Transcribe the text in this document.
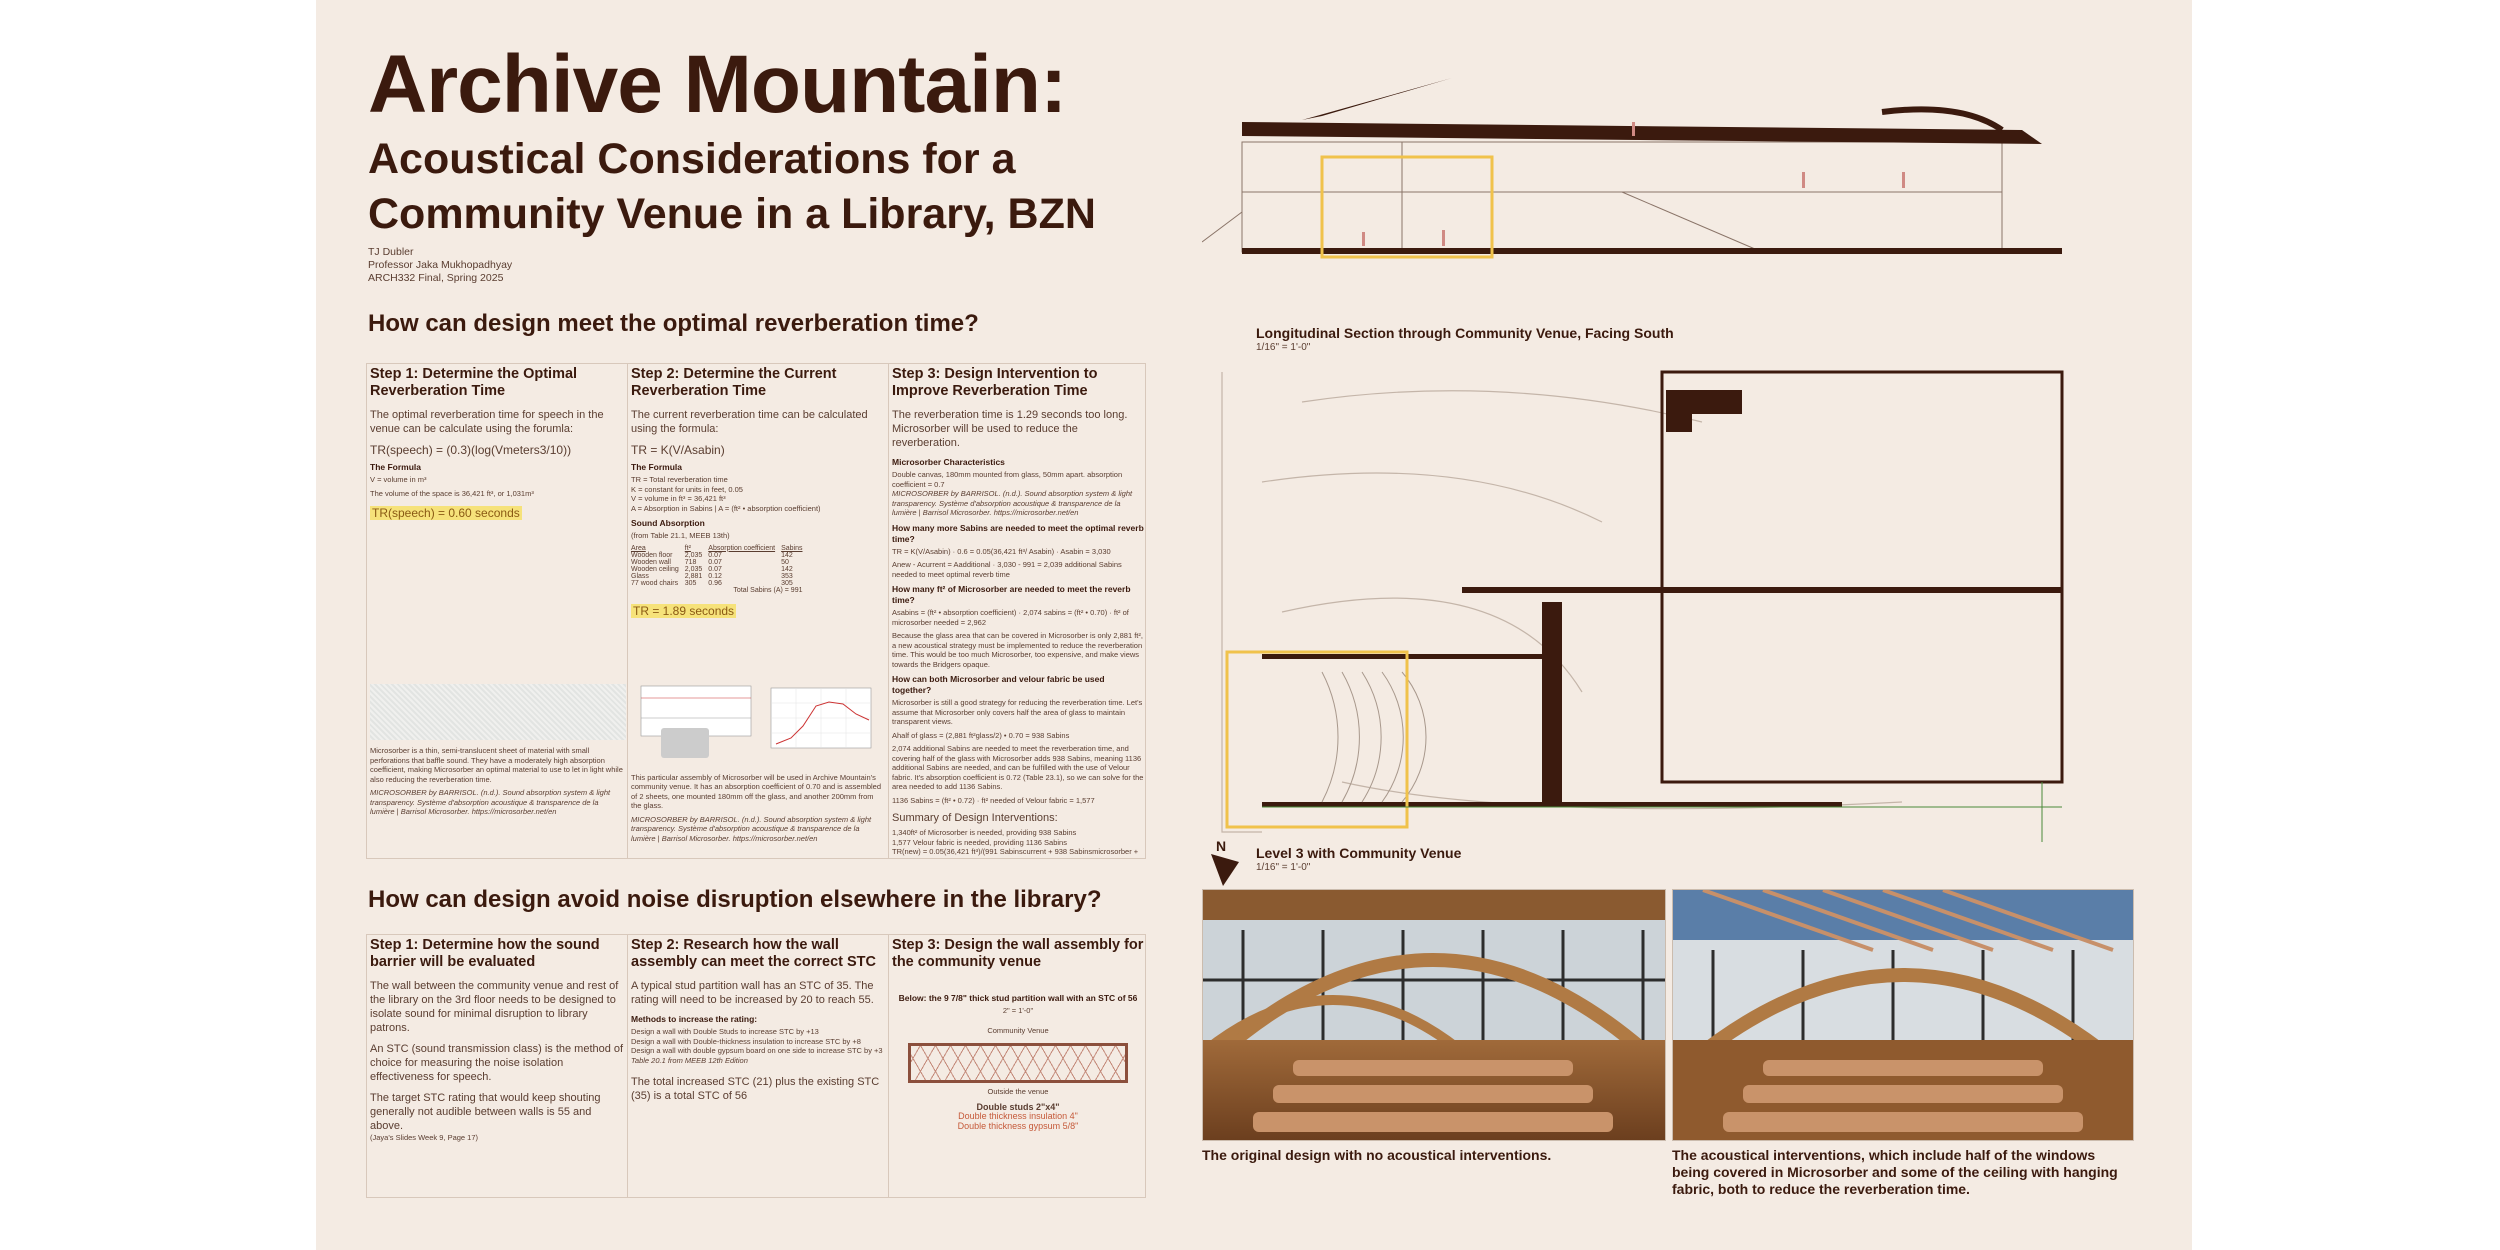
Archive Mountain:
Acoustical Considerations for a Community Venue in a Library, BZN
TJ Dubler
Professor Jaka Mukhopadhyay
ARCH332 Final, Spring 2025
How can design meet the optimal reverberation time?
Step 1: Determine the Optimal Reverberation Time
The optimal reverberation time for speech in the venue can be calculate using the forumla:
TR(speech) = (0.3)(log(Vmeters3/10))
The Formula
V = volume in m³
The volume of the space is 36,421 ft³, or 1,031m³
TR(speech) = 0.60 seconds
Microsorber is a thin, semi-translucent sheet of material with small perforations that baffle sound. They have a moderately high absorption coefficient, making Microsorber an optimal material to use to let in light while also reducing the reverberation time.
MICROSORBER by BARRISOL. (n.d.). Sound absorption system & light transparency. Système d'absorption acoustique & transparence de la lumière | Barrisol Microsorber. https://microsorber.net/en
Step 2: Determine the Current Reverberation Time
The current reverberation time can be calculated using the formula:
TR = K(V/Asabin)
The Formula
TR = Total reverberation time
K = constant for units in feet, 0.05
V = volume in ft³ = 36,421 ft³
A = Absorption in Sabins | A = (ft² • absorption coefficient)
Sound Absorption
(from Table 21.1, MEEB 13th)
Area	ft²	Absorption coefficient	Sabins
Wooden floor	2,035	0.07	142
Wooden wall	718	0.07	50
Wooden ceiling	2,035	0.07	142
Glass	2,881	0.12	353
77 wood chairs	305	0.96	305
Total Sabins (A) = 991			
TR = 1.89 seconds
This particular assembly of Microsorber will be used in Archive Mountain's community venue. It has an absorption coefficient of 0.70 and is assembled of 2 sheets, one mounted 180mm off the glass, and another 200mm from the glass.
MICROSORBER by BARRISOL. (n.d.). Sound absorption system & light transparency. Système d'absorption acoustique & transparence de la lumière | Barrisol Microsorber. https://microsorber.net/en
Step 3: Design Intervention to Improve Reverberation Time
The reverberation time is 1.29 seconds too long. Microsorber will be used to reduce the reverberation.
Microsorber Characteristics
Double canvas, 180mm mounted from glass, 50mm apart. absorption coefficient = 0.7
MICROSORBER by BARRISOL. (n.d.). Sound absorption system & light transparency. Système d'absorption acoustique & transparence de la lumière | Barrisol Microsorber. https://microsorber.net/en
How many more Sabins are needed to meet the optimal reverb time?
TR = K(V/Asabin) · 0.6 = 0.05(36,421 ft³/ Asabin) · Asabin = 3,030
Anew - Acurrent = Aadditional · 3,030 - 991 = 2,039 additional Sabins needed to meet optimal reverb time
How many ft² of Microsorber are needed to meet the reverb time?
Asabins = (ft² • absorption coefficient) · 2,074 sabins = (ft² • 0.70) · ft² of microsorber needed = 2,962
Because the glass area that can be covered in Microsorber is only 2,881 ft², a new acoustical strategy must be implemented to reduce the reverberation time. This would be too much Microsorber, too expensive, and make views towards the Bridgers opaque.
How can both Microsorber and velour fabric be used together?
Microsorber is still a good strategy for reducing the reverberation time. Let's assume that Microsorber only covers half the area of glass to maintain transparent views.
Ahalf of glass = (2,881 ft²glass/2) • 0.70 = 938 Sabins
2,074 additional Sabins are needed to meet the reverberation time, and covering half of the glass with Microsorber adds 938 Sabins, meaning 1136 additional Sabins are needed, and can be fulfilled with the use of Velour fabric. It's absorption coefficient is 0.72 (Table 23.1), so we can solve for the area needed to add 1136 Sabins.
1136 Sabins = (ft² • 0.72) · ft² needed of Velour fabric = 1,577
Summary of Design Interventions:
1,340ft² of Microsorber is needed, providing 938 Sabins
1,577 Velour fabric is needed, providing 1136 Sabins
TR(new) = 0.05(36,421 ft³)/(991 Sabinscurrent + 938 Sabinsmicrosorber +
How can design avoid noise disruption elsewhere in the library?
Step 1: Determine how the sound barrier will be evaluated
The wall between the community venue and rest of the library on the 3rd floor needs to be designed to isolate sound for minimal disruption to library patrons.
An STC (sound transmission class) is the method of choice for measuring the noise isolation effectiveness for speech.
The target STC rating that would keep shouting generally not audible between walls is 55 and above.
(Jaya's Slides Week 9, Page 17)
Step 2: Research how the wall assembly can meet the correct STC
A typical stud partition wall has an STC of 35. The rating will need to be increased by 20 to reach 55.
Methods to increase the rating:
Design a wall with Double Studs to increase STC by +13
Design a wall with Double-thickness insulation to increase STC by +8
Design a wall with double gypsum board on one side to increase STC by +3
Table 20.1 from MEEB 12th Edition
The total increased STC (21) plus the existing STC (35) is a total STC of 56
Step 3: Design the wall assembly for the community venue
Below: the 9 7/8" thick stud partition wall with an STC of 56
2" = 1'-0"
Community Venue
Outside the venue
Double studs 2"x4"
Double thickness insulation 4"
Double thickness gypsum 5/8"
Longitudinal Section through Community Venue, Facing South
1/16" = 1'-0"
N Level 3 with Community Venue
1/16" = 1'-0"
The original design with no acoustical interventions.	The acoustical interventions, which include half of the windows being covered in Microsorber and some of the ceiling with hanging fabric, both to reduce the reverberation time.
